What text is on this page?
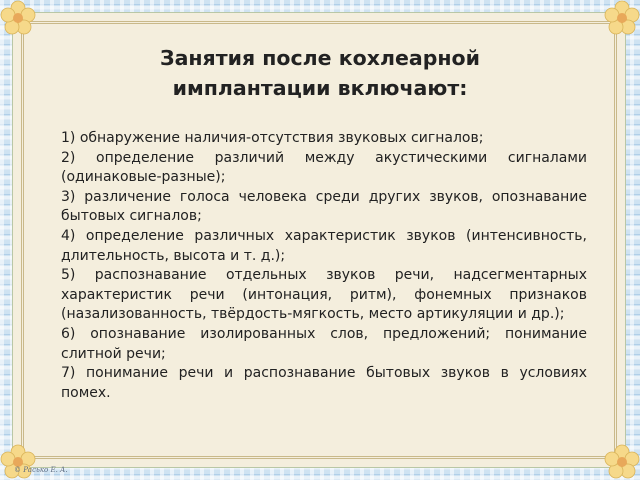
Занятия после кохлеарной
имплантации включают:

1) обнаружение наличия-отсутствия звуковых сигналов;

2) определение различий между акустическими сигналами (одинаковые-разные);

3) различение голоса человека среди других звуков, опознавание бытовых сигналов;

4) определение различных характеристик звуков (интенсивность, длительность, высота и т. д.);

5) распознавание отдельных звуков речи, надсегментарных характеристик речи (интонация, ритм), фонемных признаков (назализованность, твёрдость-мягкость, место артикуляции и др.);

6) опознавание изолированных слов, предложений; понимание слитной речи;

7) понимание речи и распознавание бытовых звуков в условиях помех.

© Расько Е. А.
